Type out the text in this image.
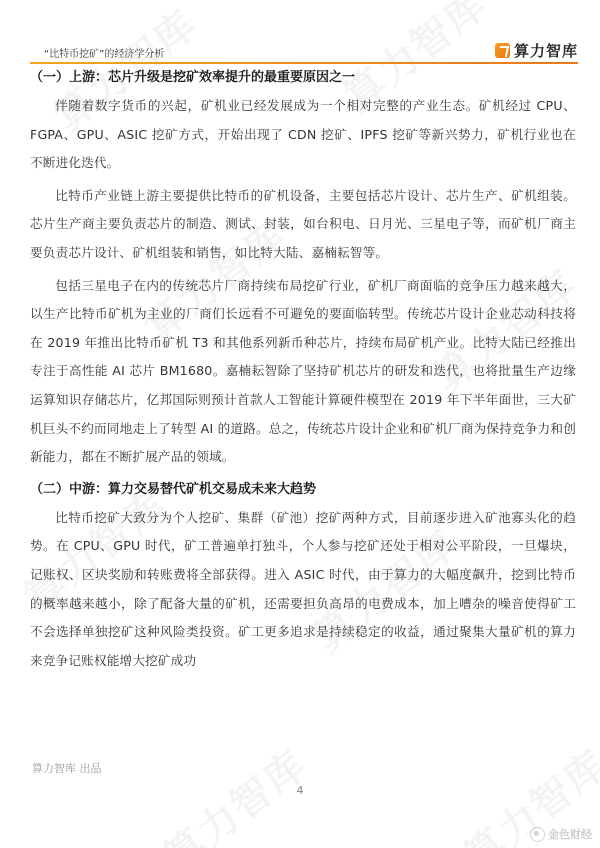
“比特币挖矿”的经济学分析	算力智库
（一）上游：芯片升级是挖矿效率提升的最重要原因之一

伴随着数字货币的兴起，矿机业已经发展成为一个相对完整的产业生态。矿机经过 CPU、FGPA、GPU、ASIC 挖矿方式，开始出现了 CDN 挖矿、IPFS 挖矿等新兴势力，矿机行业也在不断进化迭代。

比特币产业链上游主要提供比特币的矿机设备，主要包括芯片设计、芯片生产、矿机组装。芯片生产商主要负责芯片的制造、测试、封装，如台积电、日月光、三星电子等，而矿机厂商主要负责芯片设计、矿机组装和销售，如比特大陆、嘉楠耘智等。

包括三星电子在内的传统芯片厂商持续布局挖矿行业，矿机厂商面临的竞争压力越来越大，以生产比特币矿机为主业的厂商们长远看不可避免的要面临转型。传统芯片设计企业芯动科技将在 2019 年推出比特币矿机 T3 和其他系列新币种芯片，持续布局矿机产业。比特大陆已经推出专注于高性能 AI 芯片 BM1680。嘉楠耘智除了坚持矿机芯片的研发和迭代，也将批量生产边缘运算知识存储芯片，亿邦国际则预计首款人工智能计算硬件模型在 2019 年下半年面世，三大矿机巨头不约而同地走上了转型 AI 的道路。总之，传统芯片设计企业和矿机厂商为保持竞争力和创新能力，都在不断扩展产品的领域。

（二）中游：算力交易替代矿机交易成未来大趋势

比特币挖矿大致分为个人挖矿、集群（矿池）挖矿两种方式，目前逐步进入矿池寡头化的趋势。在 CPU、GPU 时代，矿工普遍单打独斗，个人参与挖矿还处于相对公平阶段，一旦爆块，记账权、区块奖励和转账费将全部获得。进入 ASIC 时代，由于算力的大幅度飙升，挖到比特币的概率越来越小，除了配备大量的矿机，还需要担负高昂的电费成本，加上嘈杂的噪音使得矿工不会选择单独挖矿这种风险类投资。矿工更多追求是持续稳定的收益，通过聚集大量矿机的算力来竞争记账权能增大挖矿成功

算力智库 出品
4
金色财经
